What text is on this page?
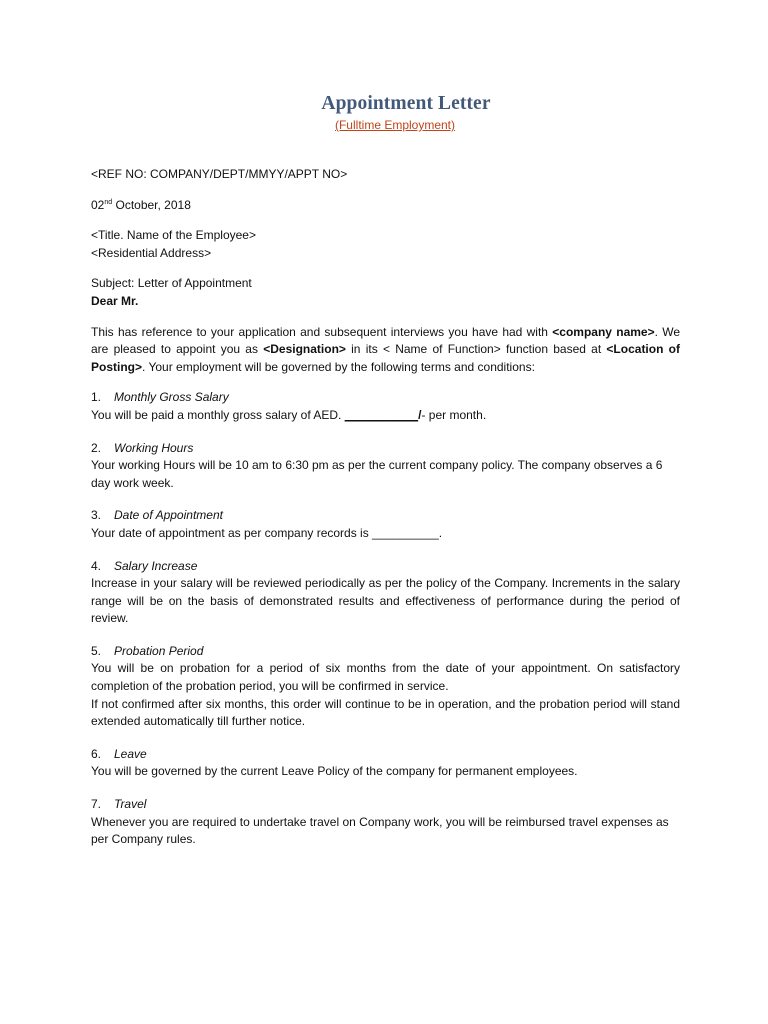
Appointment Letter
(Fulltime Employment)

<REF NO: COMPANY/DEPT/MMYY/APPT NO>

02nd October, 2018

<Title. Name of the Employee>
<Residential Address>
Subject: Letter of Appointment
Dear Mr.

This has reference to your application and subsequent interviews you have had with <company name>. We are pleased to appoint you as <Designation> in its < Name of Function> function based at <Location of Posting>. Your employment will be governed by the following terms and conditions:

1.	Monthly Gross Salary

You will be paid a monthly gross salary of AED. ___________/- per month.

2.	Working Hours

Your working Hours will be 10 am to 6:30 pm as per the current company policy. The company observes a 6 day work week.

3.	Date of Appointment

Your date of appointment as per company records is __________.

4.	Salary Increase

Increase in your salary will be reviewed periodically as per the policy of the Company. Increments in the salary range will be on the basis of demonstrated results and effectiveness of performance during the period of review.

5.	Probation Period

You will be on probation for a period of six months from the date of your appointment. On satisfactory completion of the probation period, you will be confirmed in service.

If not confirmed after six months, this order will continue to be in operation, and the probation period will stand extended automatically till further notice.

6.	Leave

You will be governed by the current Leave Policy of the company for permanent employees.

7.	Travel

Whenever you are required to undertake travel on Company work, you will be reimbursed travel expenses as per Company rules.
